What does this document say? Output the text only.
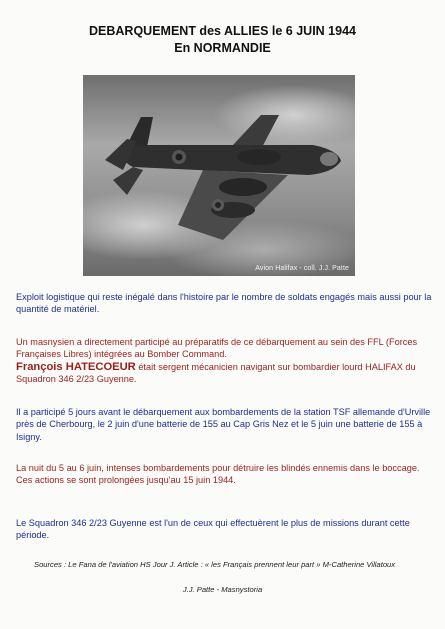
DEBARQUEMENT des ALLIES le 6 JUIN 1944
En NORMANDIE
Avion Halifax - coll. J.J. Patte
Exploit logistique qui reste inégalé dans l'histoire par le nombre de soldats engagés mais aussi pour la quantité de matériel.
Un masnysien a directement participé au préparatifs de ce débarquement au sein des FFL (Forces Françaises Libres) intégrées au Bomber Command.
François HATECOEUR était sergent mécanicien navigant sur bombardier lourd HALIFAX du Squadron 346 2/23 Guyenne.
Il a participé 5 jours avant le débarquement aux bombardements de la station TSF allemande d'Urville près de Cherbourg, le 2 juin d'une batterie de 155 au Cap Gris Nez et le 5 juin une batterie de 155 à Isigny.
La nuit du 5 au 6 juin, intenses bombardements pour détruire les blindés ennemis dans le boccage.
Ces actions se sont prolongées jusqu'au 15 juin 1944.
Le Squadron 346 2/23 Guyenne est l'un de ceux qui effectuèrent le plus de missions durant cette période.
Sources : Le Fana de l'aviation HS Jour J. Article : « les Français prennent leur part » M-Catherine Villatoux
J.J. Patte - Masnystoria
